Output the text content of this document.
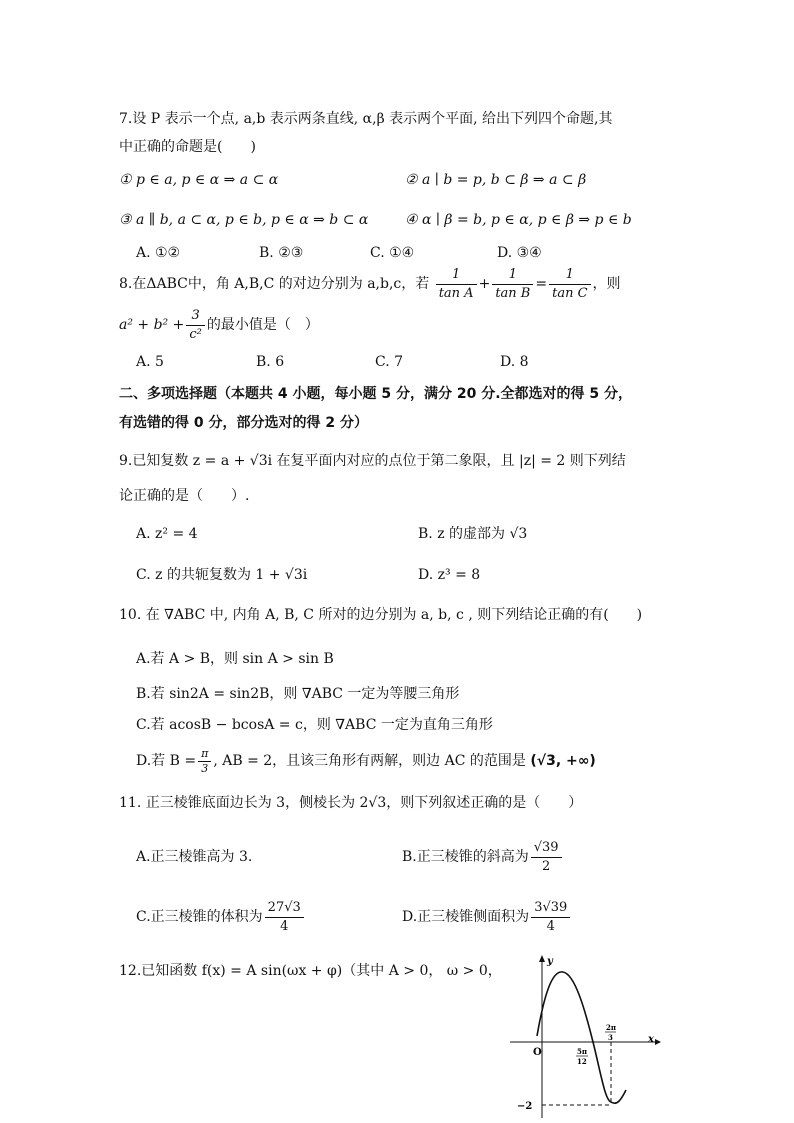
7.设 P 表示一个点, a,b 表示两条直线, α,β 表示两个平面, 给出下列四个命题,其
中正确的命题是(　　)
① p ∈ a, p ∈ α ⇒ a ⊂ α	② a ∣ b = p, b ⊂ β ⇒ a ⊂ β
③ a ∥ b, a ⊂ α, p ∈ b, p ∈ α ⇒ b ⊂ α	④ α ∣ β = b, p ∈ α, p ∈ β ⇒ p ∈ b
A. ①②	B. ②③	C. ①④	D. ③④
8.在ΔABC中，角 A,B,C 的对边分别为 a,b,c，若 $\frac{1}{\text{tan A}} + \frac{1}{\text{tan B}} = \frac{1}{\text{tan C}}$ ，则
$a^2 + b^2 + \frac{3}{\text{c²}}$ 的最小值是（　）
A. 5	B. 6	C. 7	D. 8
二、多项选择题（本题共 4 小题，每小题 5 分，满分 20 分.全都选对的得 5 分，
有选错的得 0 分，部分选对的得 2 分）
9.已知复数 z = a + √3i 在复平面内对应的点位于第二象限，且 |z| = 2 则下列结
论正确的是（　　）.
A. z² = 4	B. z 的虚部为 √3
C. z 的共轭复数为 1 + √3i	D. z³ = 8
10. 在 ∇ABC 中, 内角 A, B, C 所对的边分别为 a, b, c , 则下列结论正确的有(　　)
A.若 A > B，则 sin A > sin B
B.若 sin2A = sin2B，则 ∇ABC 一定为等腰三角形
C.若 acosB − bcosA = c，则 ∇ABC 一定为直角三角形
D.若 $B = \frac{\pi}{3}$ , AB = 2，且该三角形有两解，则边 AC 的范围是 (√3, +∞)
11. 正三棱锥底面边长为 3，侧棱长为 2√3，则下列叙述正确的是（　　）
A.正三棱锥高为 3.	B.正三棱锥的斜高为 $\frac{√39}{2}$
C.正三棱锥的体积为 $\frac{27√3}{4}$	D.正三棱锥侧面积为 $\frac{3√39}{4}$
12.已知函数 f(x) = A sin(ωx + φ)（其中 A > 0， ω > 0，
y
x
O	5π
12
2π
3
−2
